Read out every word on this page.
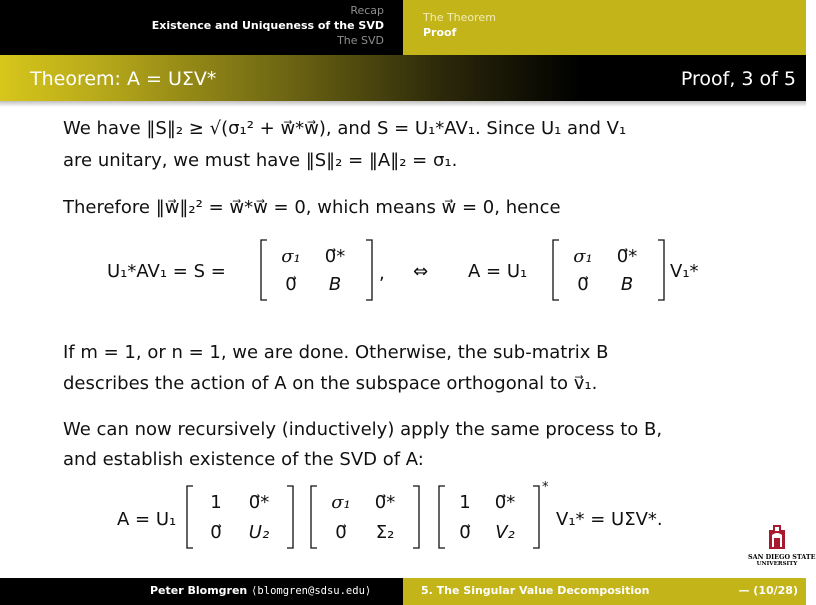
Recap
Existence and Uniqueness of the SVD
The SVD
The Theorem
Proof
Theorem: A = UΣV*	Proof, 3 of 5
We have ‖S‖₂ ≥ √(σ₁² + w⃗*w⃗), and S = U₁*AV₁. Since U₁ and V₁
are unitary, we must have ‖S‖₂ = ‖A‖₂ = σ₁.
Therefore ‖w⃗‖₂² = w⃗*w⃗ = 0, which means w⃗ = 0, hence
U₁*AV₁ = S =
σ₁	0⃗*
0⃗	B
, ⇔ A = U₁
σ₁	0⃗*
0⃗	B
V₁*
If m = 1, or n = 1, we are done. Otherwise, the sub-matrix B
describes the action of A on the subspace orthogonal to v⃗₁.
We can now recursively (inductively) apply the same process to B,
and establish existence of the SVD of A:
A = U₁
1	0⃗*
0⃗	U₂
σ₁	0⃗*
0⃗	Σ₂
1	0⃗*
0⃗	V₂
*
V₁* = UΣV*.
SAN DIEGO STATE
UNIVERSITY
Peter Blomgren ⟨blomgren@sdsu.edu⟩	5. The Singular Value Decomposition	— (10/28)
